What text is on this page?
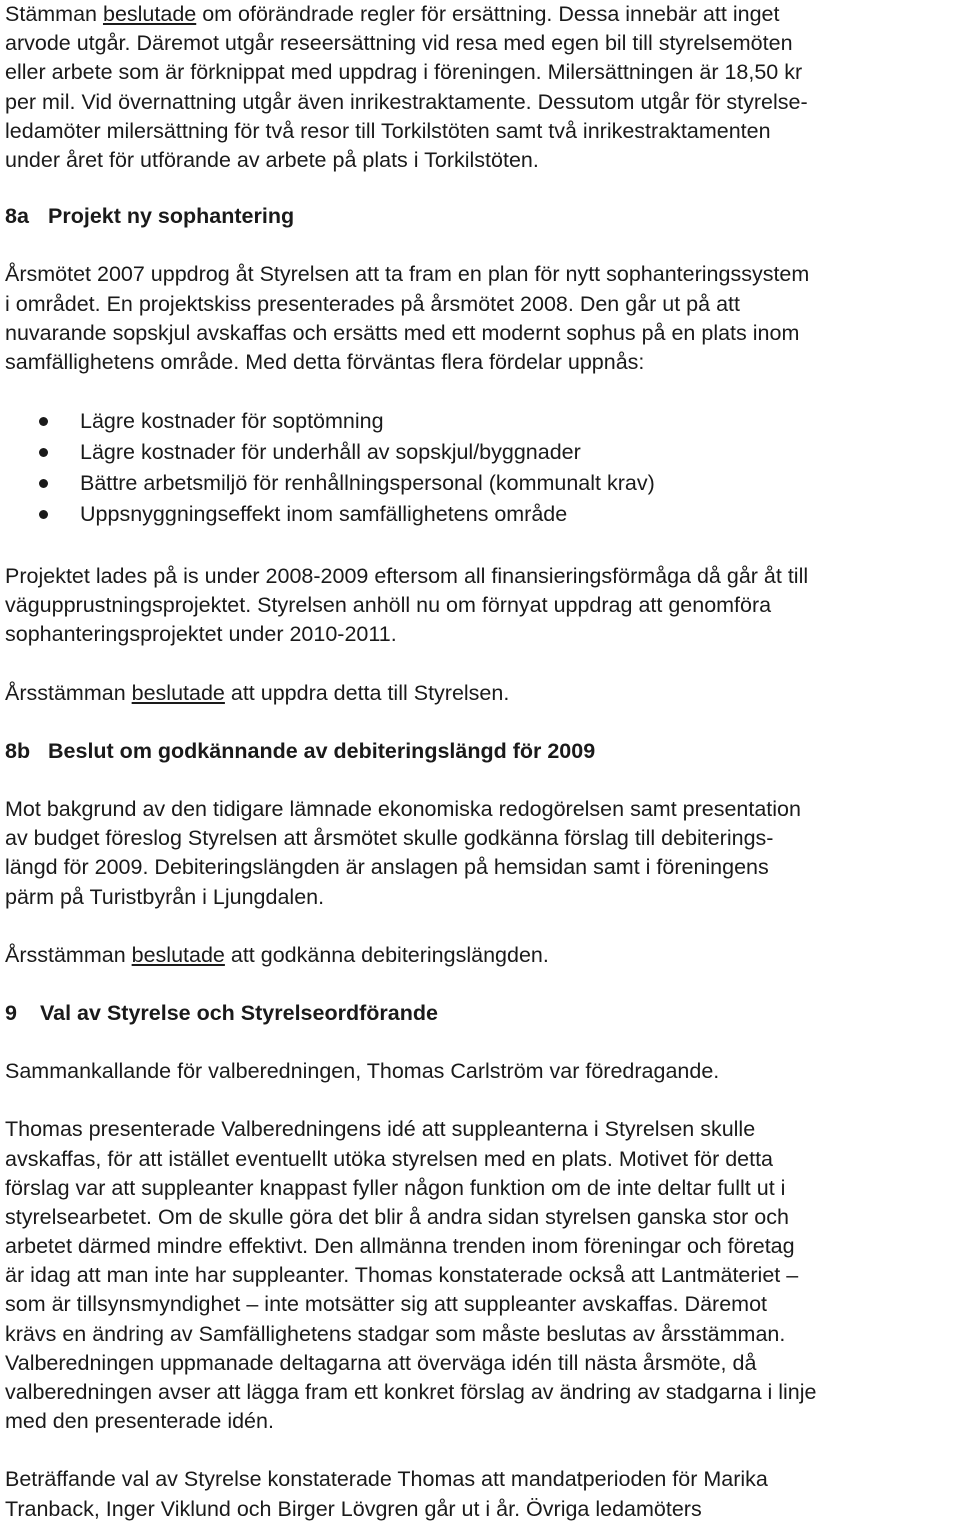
Stämman beslutade om oförändrade regler för ersättning. Dessa innebär att inget
arvode utgår. Däremot utgår reseersättning vid resa med egen bil till styrelsemöten
eller arbete som är förknippat med uppdrag i föreningen. Milersättningen är 18,50 kr
per mil. Vid övernattning utgår även inrikestraktamente. Dessutom utgår för styrelse-
ledamöter milersättning för två resor till Torkilstöten samt två inrikestraktamenten
under året för utförande av arbete på plats i Torkilstöten.
8a Projekt ny sophantering
Årsmötet 2007 uppdrog åt Styrelsen att ta fram en plan för nytt sophanteringssystem
i området. En projektskiss presenterades på årsmötet 2008. Den går ut på att
nuvarande sopskjul avskaffas och ersätts med ett modernt sophus på en plats inom
samfällighetens område. Med detta förväntas flera fördelar uppnås:
Lägre kostnader för soptömning
Lägre kostnader för underhåll av sopskjul/byggnader
Bättre arbetsmiljö för renhållningspersonal (kommunalt krav)
Uppsnyggningseffekt inom samfällighetens område
Projektet lades på is under 2008-2009 eftersom all finansieringsförmåga då går åt till
vägupprustningsprojektet. Styrelsen anhöll nu om förnyat uppdrag att genomföra
sophanteringsprojektet under 2010-2011.
Årsstämman beslutade att uppdra detta till Styrelsen.
8b Beslut om godkännande av debiteringslängd för 2009
Mot bakgrund av den tidigare lämnade ekonomiska redogörelsen samt presentation
av budget föreslog Styrelsen att årsmötet skulle godkänna förslag till debiterings-
längd för 2009. Debiteringslängden är anslagen på hemsidan samt i föreningens
pärm på Turistbyrån i Ljungdalen.
Årsstämman beslutade att godkänna debiteringslängden.
9 Val av Styrelse och Styrelseordförande
Sammankallande för valberedningen, Thomas Carlström var föredragande.
Thomas presenterade Valberedningens idé att suppleanterna i Styrelsen skulle
avskaffas, för att istället eventuellt utöka styrelsen med en plats. Motivet för detta
förslag var att suppleanter knappast fyller någon funktion om de inte deltar fullt ut i
styrelsearbetet. Om de skulle göra det blir å andra sidan styrelsen ganska stor och
arbetet därmed mindre effektivt. Den allmänna trenden inom föreningar och företag
är idag att man inte har suppleanter. Thomas konstaterade också att Lantmäteriet –
som är tillsynsmyndighet – inte motsätter sig att suppleanter avskaffas. Däremot
krävs en ändring av Samfällighetens stadgar som måste beslutas av årsstämman.
Valberedningen uppmanade deltagarna att överväga idén till nästa årsmöte, då
valberedningen avser att lägga fram ett konkret förslag av ändring av stadgarna i linje
med den presenterade idén.
Beträffande val av Styrelse konstaterade Thomas att mandatperioden för Marika
Tranback, Inger Viklund och Birger Lövgren går ut i år. Övriga ledamöters
